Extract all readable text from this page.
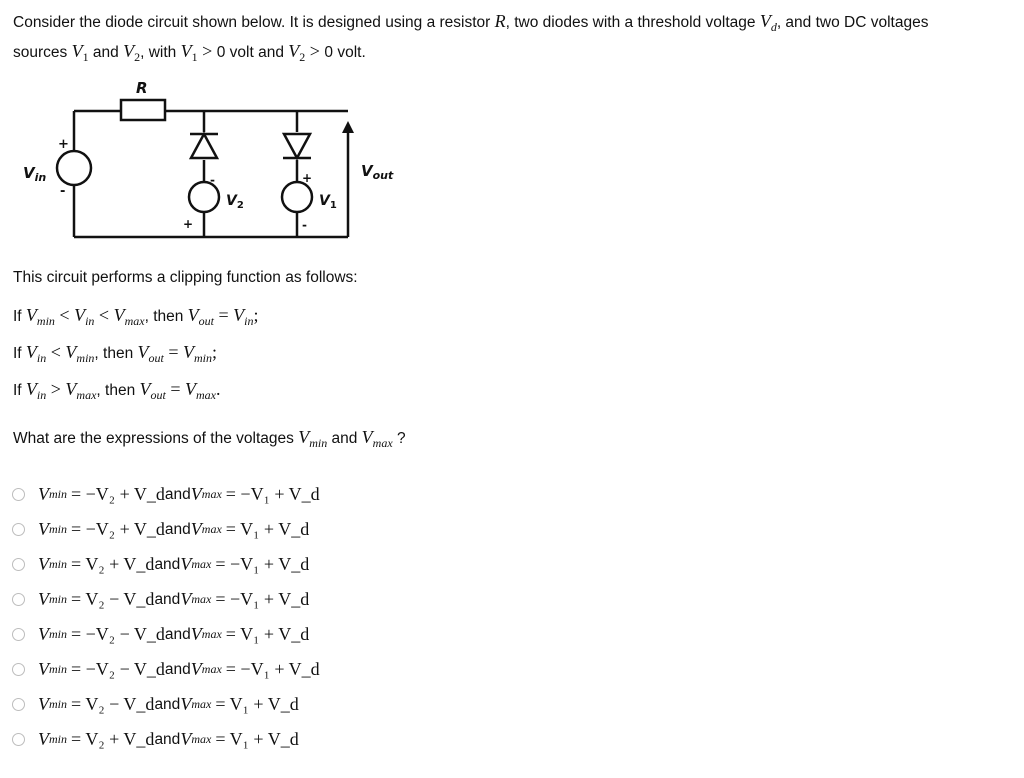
Consider the diode circuit shown below. It is designed using a resistor R, two diodes with a threshold voltage $V_d$, and two DC voltages
sources $V_1$ and $V_2$, with $V_1 > 0$ volt and $V_2 > 0$ volt.
R
$V_{in}$	$V_{out}$
$V_2$	$V_1$
+
-
-
+
+
-
This circuit performs a clipping function as follows:
If $V_{min} < V_{in} < V_{max}$, then $V_{out} = V_{in}$;
If $V_{in} < V_{min}$, then $V_{out} = V_{min}$;
If $V_{in} > V_{max}$, then $V_{out} = V_{max}$.
What are the expressions of the voltages $V_{min}$ and $V_{max}$ ?
V min = −V₂ + V_d and V max = −V₁ + V_d
V min = −V₂ + V_d and V max = V₁ + V_d
V min = V₂ + V_d and V max = −V₁ + V_d
V min = V₂ − V_d and V max = −V₁ + V_d
V min = −V₂ − V_d and V max = V₁ + V_d
V min = −V₂ − V_d and V max = −V₁ + V_d
V min = V₂ − V_d and V max = V₁ + V_d
V min = V₂ + V_d and V max = V₁ + V_d
